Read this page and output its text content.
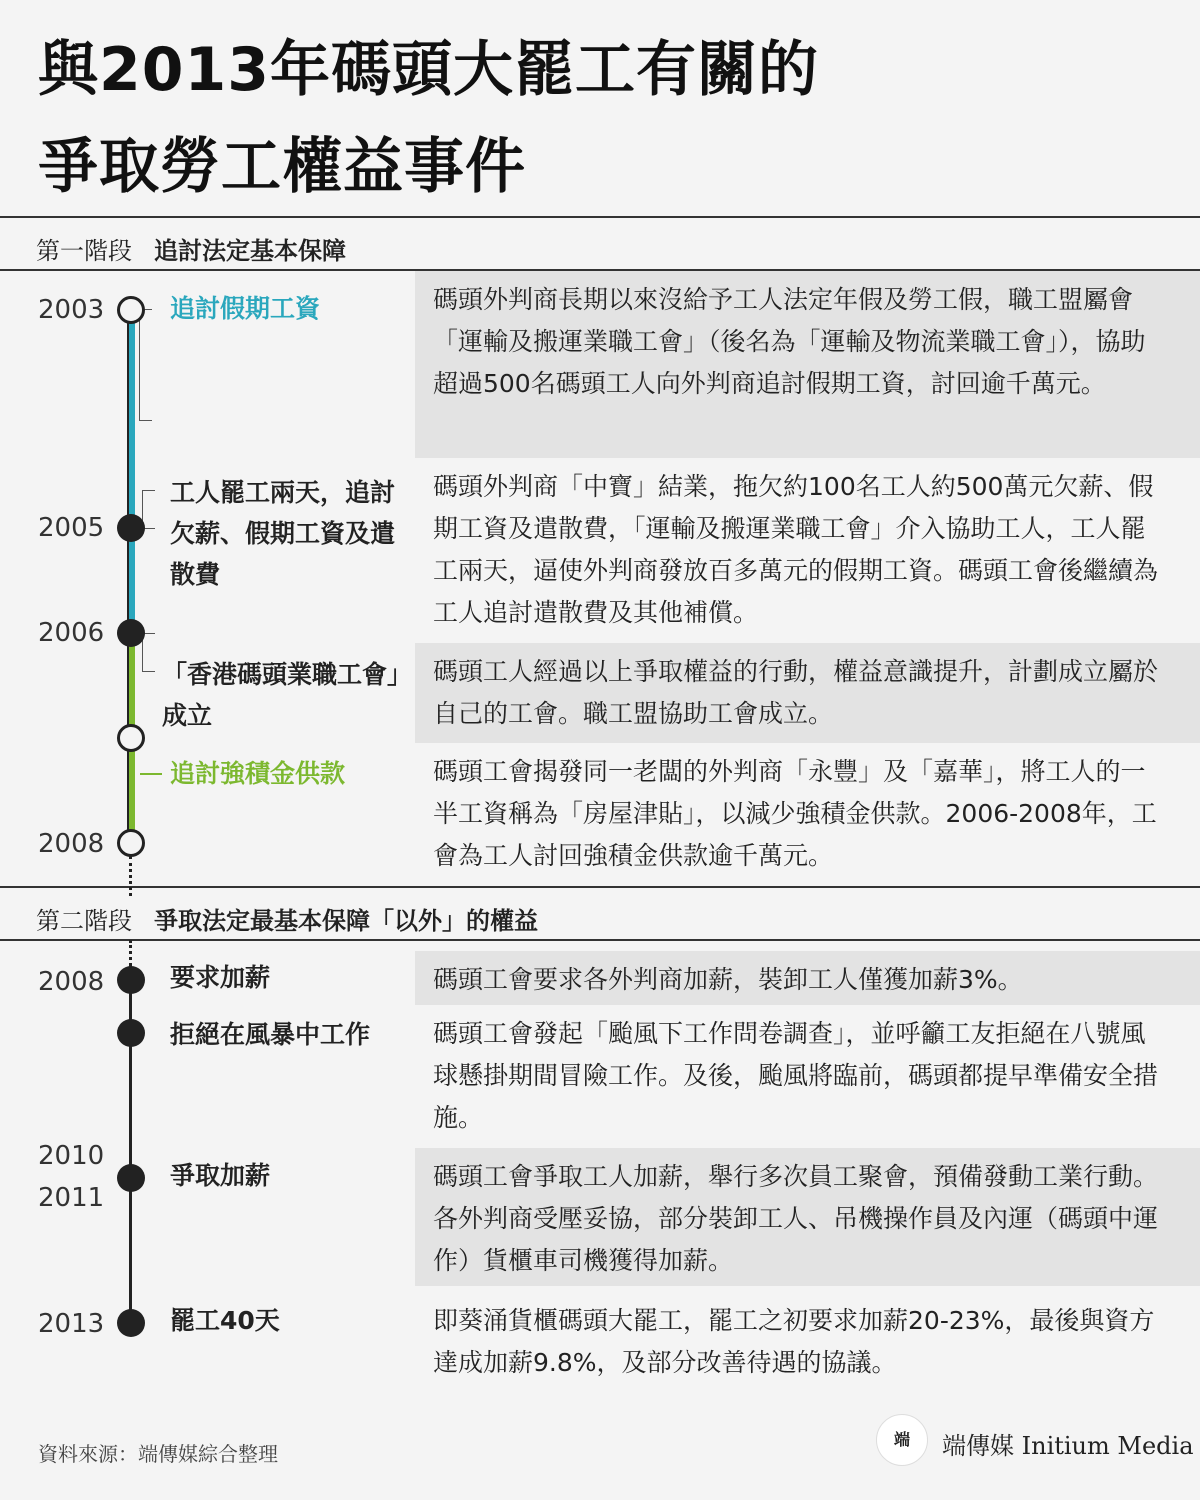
與2013年碼頭大罷工有關的
爭取勞工權益事件
第一階段 追討法定基本保障
第二階段 爭取法定最基本保障「以外」的權益
碼頭外判商長期以來沒給予工人法定年假及勞工假，職工盟屬會「運輸及搬運業職工會」（後名為「運輸及物流業職工會」），協助超過500名碼頭工人向外判商追討假期工資，討回逾千萬元。
碼頭外判商「中寶」結業，拖欠約100名工人約500萬元欠薪、假期工資及遣散費，「運輸及搬運業職工會」介入協助工人，工人罷工兩天，逼使外判商發放百多萬元的假期工資。碼頭工會後繼續為工人追討遣散費及其他補償。
碼頭工人經過以上爭取權益的行動，權益意識提升，計劃成立屬於自己的工會。職工盟協助工會成立。
碼頭工會揭發同一老闆的外判商「永豐」及「嘉華」，將工人的一半工資稱為「房屋津貼」，以減少強積金供款。2006-2008年，工會為工人討回強積金供款逾千萬元。
碼頭工會要求各外判商加薪，裝卸工人僅獲加薪3%。
碼頭工會發起「颱風下工作問卷調查」，並呼籲工友拒絕在八號風球懸掛期間冒險工作。及後，颱風將臨前，碼頭都提早準備安全措施。
碼頭工會爭取工人加薪，舉行多次員工聚會，預備發動工業行動。各外判商受壓妥協，部分裝卸工人、吊機操作員及內運（碼頭中運作）貨櫃車司機獲得加薪。
即葵涌貨櫃碼頭大罷工，罷工之初要求加薪20-23%，最後與資方達成加薪9.8%，及部分改善待遇的協議。
2003
2005
2006
2008
2008
2010
2011
2013
追討假期工資
工人罷工兩天，追討欠薪、假期工資及遣散費
「香港碼頭業職工會」成立
追討強積金供款
要求加薪
拒絕在風暴中工作
爭取加薪
罷工40天
資料來源：端傳媒綜合整理
端	端傳媒 Initium Media
